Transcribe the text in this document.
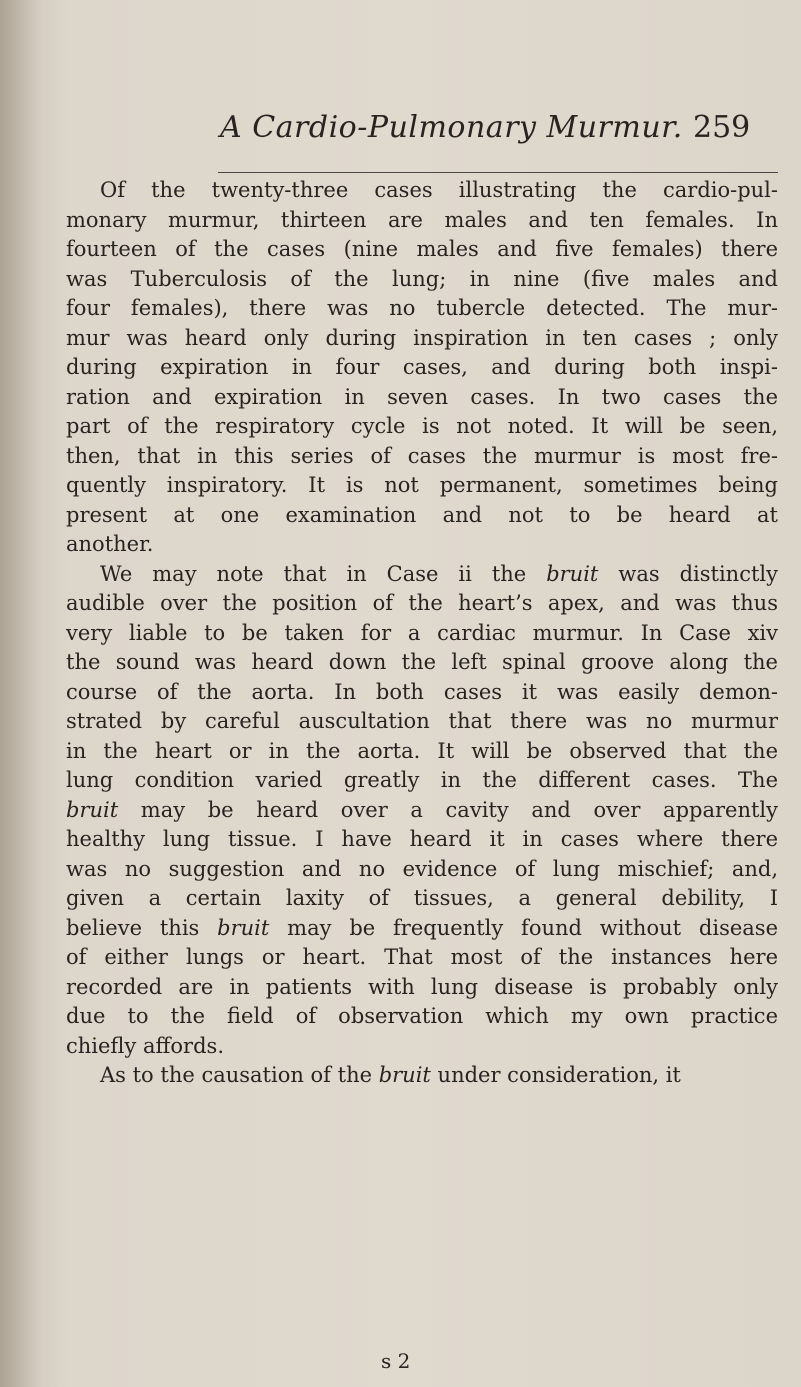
A Cardio-Pulmonary Murmur. 259
Of the twenty-three cases illustrating the cardio-pul-
monary murmur, thirteen are males and ten females. In
fourteen of the cases (nine males and five females) there
was Tuberculosis of the lung; in nine (five males and
four females), there was no tubercle detected. The mur-
mur was heard only during inspiration in ten cases ; only
during expiration in four cases, and during both inspi-
ration and expiration in seven cases. In two cases the
part of the respiratory cycle is not noted. It will be seen,
then, that in this series of cases the murmur is most fre-
quently inspiratory. It is not permanent, sometimes being
present at one examination and not to be heard at
another.
We may note that in Case ii the bruit was distinctly
audible over the position of the heart’s apex, and was thus
very liable to be taken for a cardiac murmur. In Case xiv
the sound was heard down the left spinal groove along the
course of the aorta. In both cases it was easily demon-
strated by careful auscultation that there was no murmur
in the heart or in the aorta. It will be observed that the
lung condition varied greatly in the different cases. The
bruit may be heard over a cavity and over apparently
healthy lung tissue. I have heard it in cases where there
was no suggestion and no evidence of lung mischief; and,
given a certain laxity of tissues, a general debility, I
believe this bruit may be frequently found without disease
of either lungs or heart. That most of the instances here
recorded are in patients with lung disease is probably only
due to the field of observation which my own practice
chiefly affords.
As to the causation of the bruit under consideration, it
s 2
